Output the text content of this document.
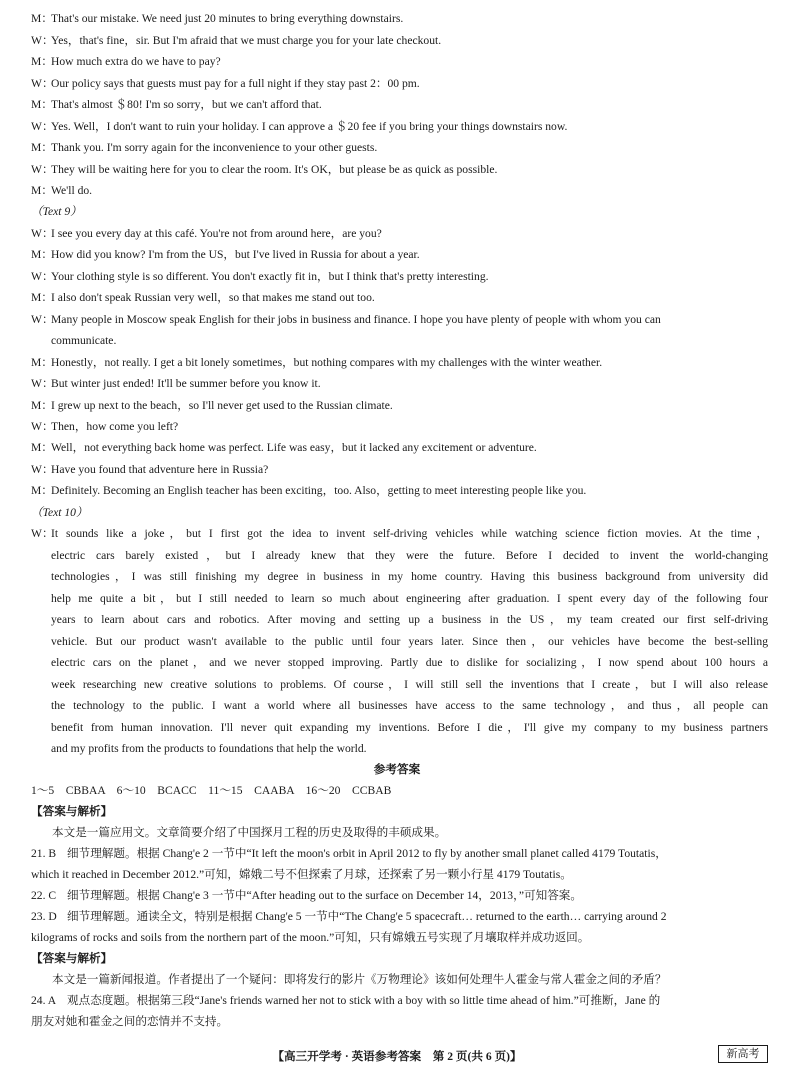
M：That's our mistake. We need just 20 minutes to bring everything downstairs.
W：Yes，that's fine，sir. But I'm afraid that we must charge you for your late checkout.
M：How much extra do we have to pay?
W：Our policy says that guests must pay for a full night if they stay past 2：00 pm.
M：That's almost ＄80! I'm so sorry，but we can't afford that.
W：Yes. Well，I don't want to ruin your holiday. I can approve a ＄20 fee if you bring your things downstairs now.
M：Thank you. I'm sorry again for the inconvenience to your other guests.
W：They will be waiting here for you to clear the room. It's OK，but please be as quick as possible.
M：We'll do.
（Text 9）
W：I see you every day at this café. You're not from around here，are you?
M：How did you know? I'm from the US，but I've lived in Russia for about a year.
W：Your clothing style is so different. You don't exactly fit in，but I think that's pretty interesting.
M：I also don't speak Russian very well，so that makes me stand out too.
W：Many people in Moscow speak English for their jobs in business and finance. I hope you have plenty of people with whom you can
communicate.
M：Honestly，not really. I get a bit lonely sometimes，but nothing compares with my challenges with the winter weather.
W：But winter just ended! It'll be summer before you know it.
M：I grew up next to the beach，so I'll never get used to the Russian climate.
W：Then，how come you left?
M：Well，not everything back home was perfect. Life was easy，but it lacked any excitement or adventure.
W：Have you found that adventure here in Russia?
M：Definitely. Becoming an English teacher has been exciting，too. Also，getting to meet interesting people like you.
（Text 10）
W：
It sounds like a joke，but I first got the idea to invent self-driving vehicles while watching science fiction movies. At the time，
electric cars barely existed，but I already knew that they were the future. Before I decided to invent the world-changing
technologies，I was still finishing my degree in business in my home country. Having this business background from university did
help me quite a bit，but I still needed to learn so much about engineering after graduation. I spent every day of the following four
years to learn about cars and robotics. After moving and setting up a business in the US，my team created our first self-driving
vehicle. But our product wasn't available to the public until four years later. Since then，our vehicles have become the best-selling
electric cars on the planet，and we never stopped improving. Partly due to dislike for socializing，I now spend about 100 hours a
week researching new creative solutions to problems. Of course，I will still sell the inventions that I create，but I will also release
the technology to the public. I want a world where all businesses have access to the same technology，and thus，all people can
benefit from human innovation. I'll never quit expanding my inventions. Before I die，I'll give my company to my business partners
and my profits from the products to foundations that help the world.
参考答案
1～5　CBBAA　6～10　BCACC　11～15　CAABA　16～20　CCBAB
【答案与解析】
本文是一篇应用文。文章简要介绍了中国探月工程的历史及取得的丰硕成果。
21. B 细节理解题。根据 Chang'e 2 一节中“It left the moon's orbit in April 2012 to fly by another small planet called 4179 Toutatis，
which it reached in December 2012.”可知，嫦娥二号不但探索了月球，还探索了另一颗小行星 4179 Toutatis。
22. C 细节理解题。根据 Chang'e 3 一节中“After heading out to the surface on December 14，2013，”可知答案。
23. D 细节理解题。通读全文，特别是根据 Chang'e 5 一节中“The Chang'e 5 spacecraft… returned to the earth… carrying around 2
kilograms of rocks and soils from the northern part of the moon.”可知，只有嫦娥五号实现了月壤取样并成功返回。
【答案与解析】
本文是一篇新闻报道。作者提出了一个疑问：即将发行的影片《万物理论》该如何处理牛人霍金与常人霍金之间的矛盾？
24. A 观点态度题。根据第三段“Jane's friends warned her not to stick with a boy with so little time ahead of him.”可推断，Jane 的
朋友对她和霍金之间的恋情并不支持。
【高三开学考 · 英语参考答案　第 2 页(共 6 页)】	新高考
